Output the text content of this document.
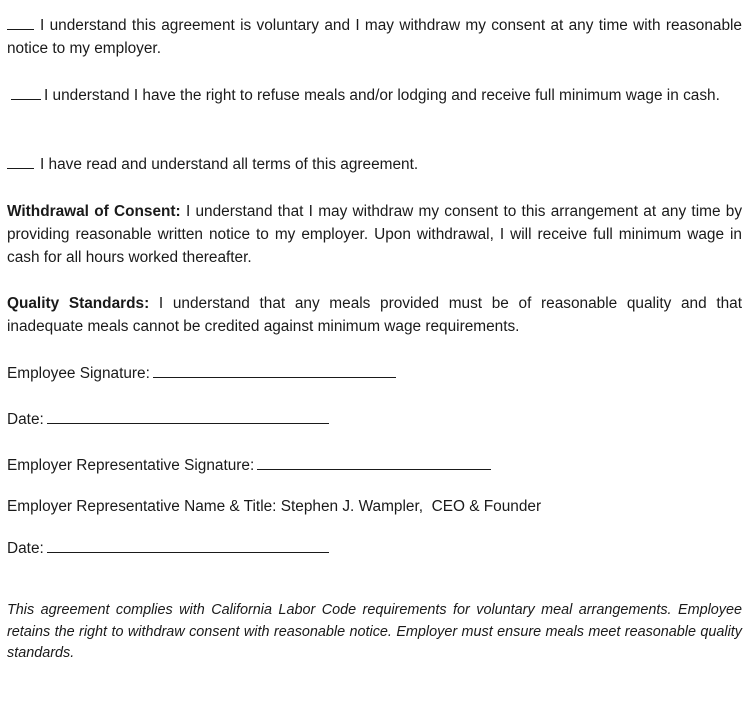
I understand this agreement is voluntary and I may withdraw my consent at any time with reasonable notice to my employer.

I understand I have the right to refuse meals and/or lodging and receive full minimum wage in cash.

I have read and understand all terms of this agreement.

Withdrawal of Consent: I understand that I may withdraw my consent to this arrangement at any time by providing reasonable written notice to my employer. Upon withdrawal, I will receive full minimum wage in cash for all hours worked thereafter.

Quality Standards: I understand that any meals provided must be of reasonable quality and that inadequate meals cannot be credited against minimum wage requirements.

Employee Signature:
Date:
Employer Representative Signature:
Employer Representative Name & Title: Stephen J. Wampler,  CEO & Founder
Date:

This agreement complies with California Labor Code requirements for voluntary meal arrangements. Employee retains the right to withdraw consent with reasonable notice. Employer must ensure meals meet reasonable quality standards.
